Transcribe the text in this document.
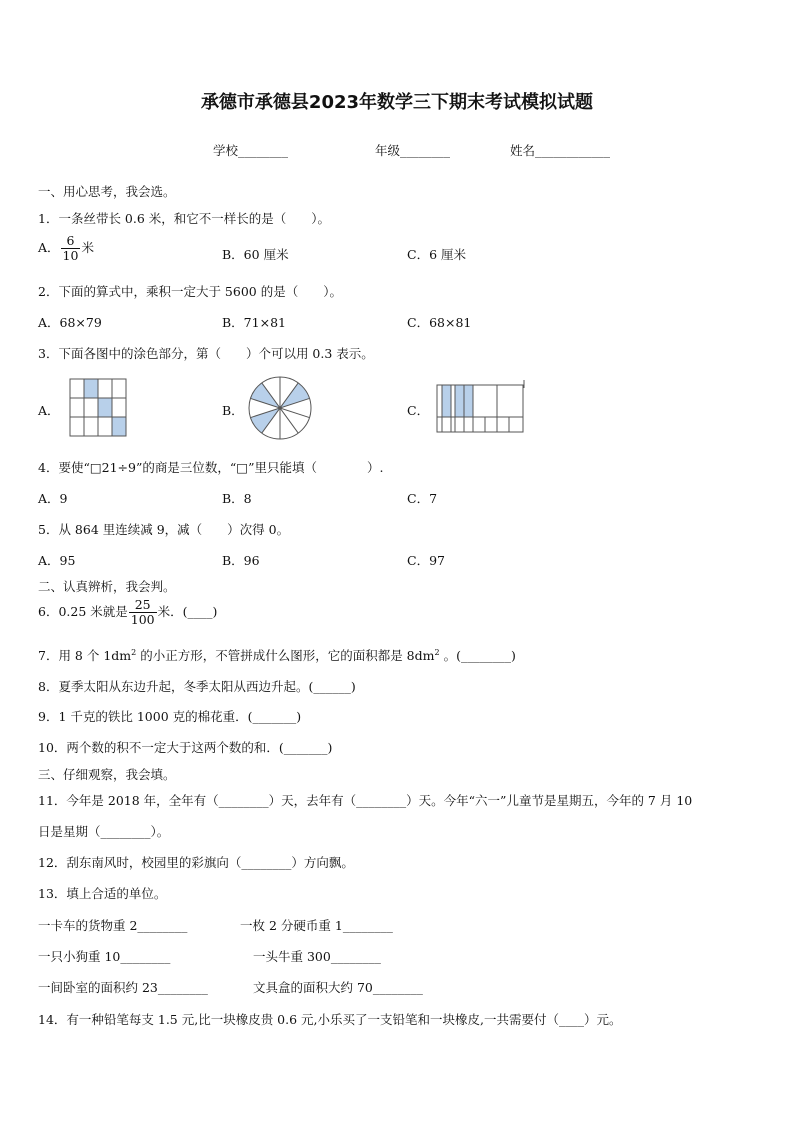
承德市承德县2023年数学三下期末考试模拟试题
学校________	年级________	姓名____________
一、用心思考，我会选。
1．一条丝带长 0.6 米，和它不一样长的是（　　）。
A． $\frac{6}{10}$ 米	B．60 厘米	C．6 厘米
2．下面的算式中，乘积一定大于 5600 的是（　　）。
A．68×79	B．71×81	C．68×81
3．下面各图中的涂色部分，第（　　）个可以用 0.3 表示。
A．	B．	C．
4．要使“□21÷9”的商是三位数，“□”里只能填（　　　　）.
A．9	B．8	C．7
5．从 864 里连续减 9，减（　　）次得 0。
A．95	B．96	C．97
二、认真辨析，我会判。
6．0.25 米就是 $\frac{25}{100}$ 米．(____)
7．用 8 个 $1dm^2$ 的小正方形，不管拼成什么图形，它的面积都是 $8dm^2$ 。(________)
8．夏季太阳从东边升起，冬季太阳从西边升起。(______)
9．1 千克的铁比 1000 克的棉花重．(_______)
10．两个数的积不一定大于这两个数的和．(_______)
三、仔细观察，我会填。
11．今年是 2018 年，全年有（________）天，去年有（________）天。今年“六一”儿童节是星期五，今年的 7 月 10
日是星期（________）。
12．刮东南风时，校园里的彩旗向（________）方向飘。
13．填上合适的单位。
一卡车的货物重 2________	一枚 2 分硬币重 1________
一只小狗重 10________	一头牛重 300________
一间卧室的面积约 23________	文具盒的面积大约 70________
14．有一种铅笔每支 1.5 元,比一块橡皮贵 0.6 元,小乐买了一支铅笔和一块橡皮,一共需要付（____）元。
